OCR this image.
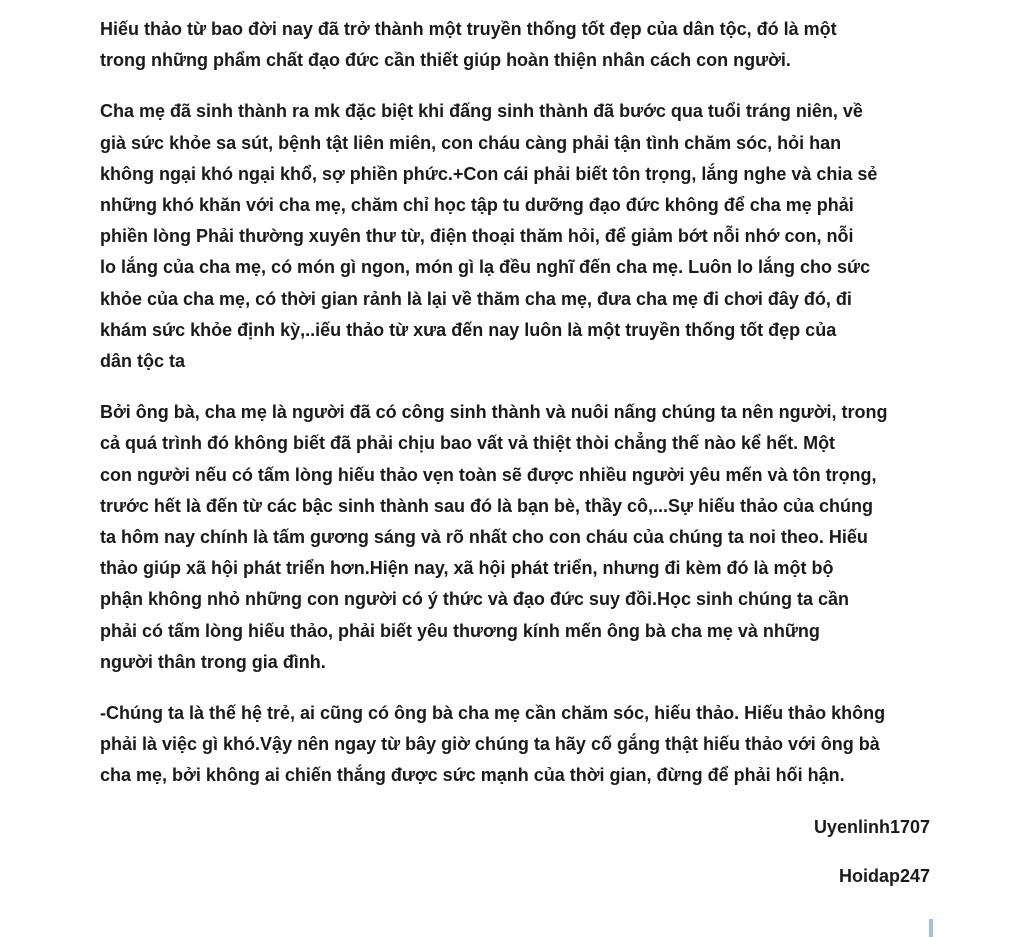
Hiếu thảo từ bao đời nay đã trở thành một truyền thống tốt đẹp của dân tộc, đó là một
trong những phẩm chất đạo đức cần thiết giúp hoàn thiện nhân cách con người.

Cha mẹ đã sinh thành ra mk đặc biệt khi đấng sinh thành đã bước qua tuổi tráng niên, về
già sức khỏe sa sút, bệnh tật liên miên, con cháu càng phải tận tình chăm sóc, hỏi han
không ngại khó ngại khổ, sợ phiền phức.+Con cái phải biết tôn trọng, lắng nghe và chia sẻ
những khó khăn với cha mẹ, chăm chỉ học tập tu dưỡng đạo đức không để cha mẹ phải
phiền lòng Phải thường xuyên thư từ, điện thoại thăm hỏi, để giảm bớt nỗi nhớ con, nỗi
lo lắng của cha mẹ, có món gì ngon, món gì lạ đều nghĩ đến cha mẹ. Luôn lo lắng cho sức
khỏe của cha mẹ, có thời gian rảnh là lại về thăm cha mẹ, đưa cha mẹ đi chơi đây đó, đi
khám sức khỏe định kỳ,..iếu thảo từ xưa đến nay luôn là một truyền thống tốt đẹp của
dân tộc ta

Bởi ông bà, cha mẹ là người đã có công sinh thành và nuôi nấng chúng ta nên người, trong
cả quá trình đó không biết đã phải chịu bao vất vả thiệt thòi chẳng thế nào kể hết. Một
con người nếu có tấm lòng hiếu thảo vẹn toàn sẽ được nhiều người yêu mến và tôn trọng,
trước hết là đến từ các bậc sinh thành sau đó là bạn bè, thầy cô,...Sự hiếu thảo của chúng
ta hôm nay chính là tấm gương sáng và rõ nhất cho con cháu của chúng ta noi theo. Hiếu
thảo giúp xã hội phát triển hơn.Hiện nay, xã hội phát triển, nhưng đi kèm đó là một bộ
phận không nhỏ những con người có ý thức và đạo đức suy đồi.Học sinh chúng ta cần
phải có tấm lòng hiếu thảo, phải biết yêu thương kính mến ông bà cha mẹ và những
người thân trong gia đình.

-Chúng ta là thế hệ trẻ, ai cũng có ông bà cha mẹ cần chăm sóc, hiếu thảo. Hiếu thảo không
phải là việc gì khó.Vậy nên ngay từ bây giờ chúng ta hãy cố gắng thật hiếu thảo với ông bà
cha mẹ, bởi không ai chiến thắng được sức mạnh của thời gian, đừng để phải hối hận.

Uyenlinh1707

Hoidap247
